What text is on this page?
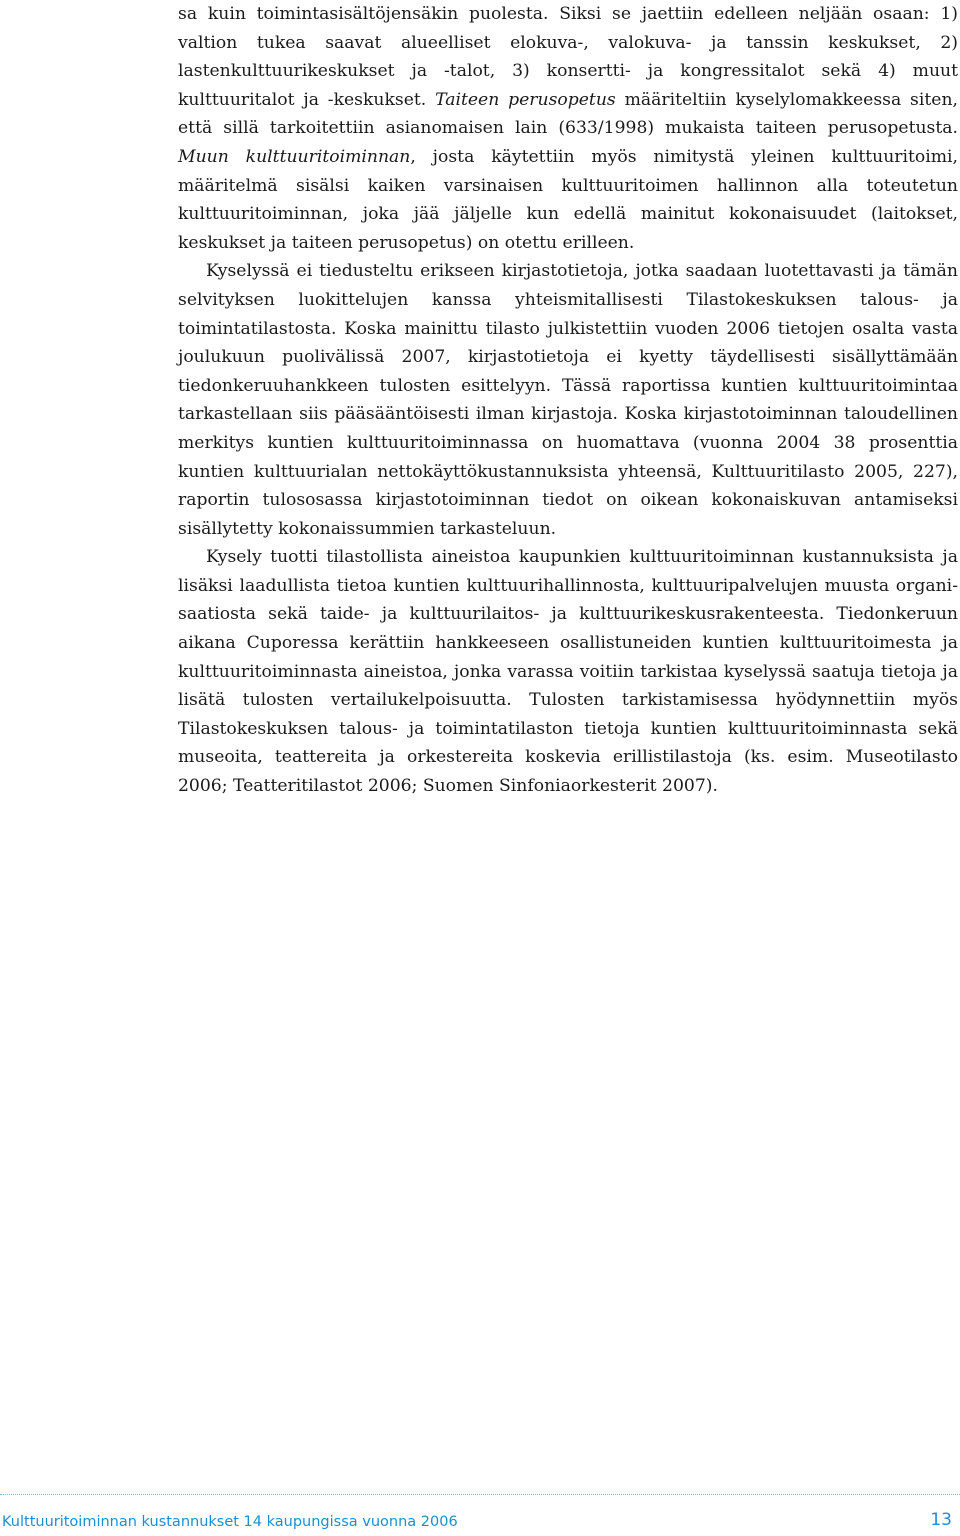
sa kuin toimintasisältöjensäkin puolesta. Siksi se jaettiin edelleen neljään osaan: 1) valtion tukea saavat alueelliset elokuva-, valokuva- ja tanssin keskukset, 2) lastenkulttuurikeskukset ja -talot, 3) konsertti- ja kongressitalot sekä 4) muut kulttuuritalot ja -keskukset. Taiteen perusopetus määriteltiin kyselylomakkeessa siten, että sillä tarkoitettiin asianomaisen lain (633/1998) mukaista taiteen perusopetusta. Muun kulttuuritoiminnan, josta käytettiin myös nimitystä yleinen kulttuuritoimi, määritelmä sisälsi kaiken varsinaisen kulttuuritoimen hallinnon alla toteutetun kulttuuritoiminnan, joka jää jäljelle kun edellä mainitut kokonaisuudet (laitokset, keskukset ja taiteen perusopetus) on otettu erilleen.

Kyselyssä ei tiedusteltu erikseen kirjastotietoja, jotka saadaan luotettavasti ja tämän selvityksen luokittelujen kanssa yhteismitallisesti Tilastokeskuksen talous- ja toimintatilastosta. Koska mainittu tilasto julkistettiin vuoden 2006 tietojen osalta vasta joulukuun puolivälissä 2007, kirjastotietoja ei kyetty täydellisesti sisällyttämään tiedonkeruuhankkeen tulosten esittelyyn. Tässä raportissa kuntien kulttuuritoimintaa tarkastellaan siis pääsääntöisesti ilman kirjastoja. Koska kirjastotoiminnan taloudellinen merkitys kuntien kulttuuritoiminnassa on huomattava (vuonna 2004 38 prosenttia kuntien kulttuurialan nettokäyttökustannuksista yhteensä, Kulttuuritilasto 2005, 227), raportin tulososassa kirjastotoiminnan tiedot on oikean kokonaiskuvan antamiseksi sisällytetty kokonaissummien tarkasteluun.

Kysely tuotti tilastollista aineistoa kaupunkien kulttuuritoiminnan kustannuksista ja lisäksi laadullista tietoa kuntien kulttuurihallinnosta, kulttuuripalvelujen muusta organisaatiosta sekä taide- ja kulttuurilaitos- ja kulttuurikeskusrakenteesta. Tiedonkeruun aikana Cuporessa kerättiin hankkeeseen osallistuneiden kuntien kulttuuritoimesta ja kulttuuritoiminnasta aineistoa, jonka varassa voitiin tarkistaa kyselyssä saatuja tietoja ja lisätä tulosten vertailukelpoisuutta. Tulosten tarkistamisessa hyödynnettiin myös Tilastokeskuksen talous- ja toimintatilaston tietoja kuntien kulttuuritoiminnasta sekä museoita, teattereita ja orkestereita koskevia erillistilastoja (ks. esim. Museotilasto 2006; Teatteritilastot 2006; Suomen Sinfoniaorkesterit 2007).

Kulttuuritoiminnan kustannukset 14 kaupungissa vuonna 2006	13
